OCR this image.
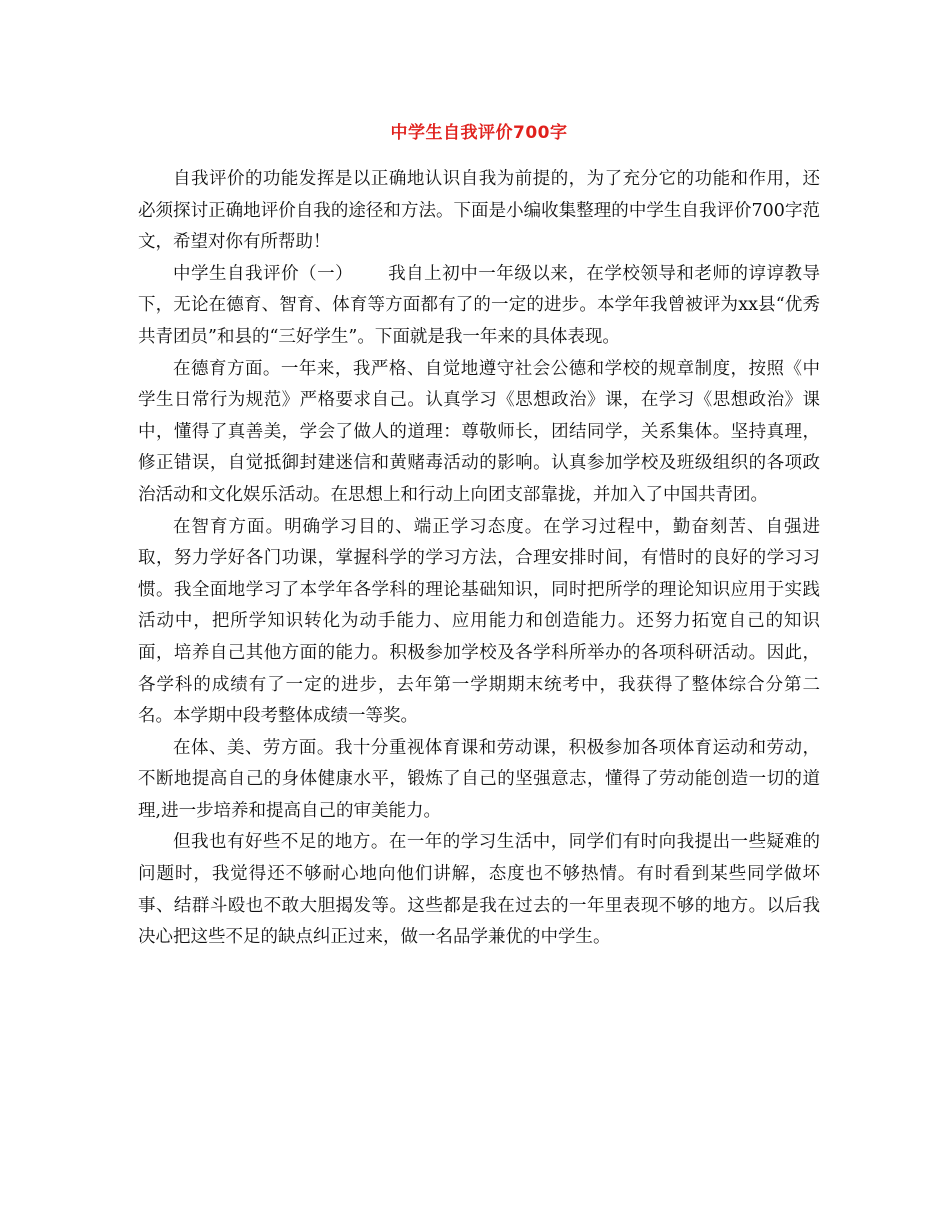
中学生自我评价700字

自我评价的功能发挥是以正确地认识自我为前提的，为了充分它的功能和作用，还必须探讨正确地评价自我的途径和方法。下面是小编收集整理的中学生自我评价700字范文，希望对你有所帮助！

中学生自我评价（一） 我自上初中一年级以来，在学校领导和老师的谆谆教导下，无论在德育、智育、体育等方面都有了的一定的进步。本学年我曾被评为xx县“优秀共青团员”和县的“三好学生”。下面就是我一年来的具体表现。

在德育方面。一年来，我严格、自觉地遵守社会公德和学校的规章制度，按照《中学生日常行为规范》严格要求自己。认真学习《思想政治》课，在学习《思想政治》课中，懂得了真善美，学会了做人的道理：尊敬师长，团结同学，关系集体。坚持真理，修正错误，自觉抵御封建迷信和黄赌毒活动的影响。认真参加学校及班级组织的各项政治活动和文化娱乐活动。在思想上和行动上向团支部靠拢，并加入了中国共青团。

在智育方面。明确学习目的、端正学习态度。在学习过程中，勤奋刻苦、自强进取，努力学好各门功课，掌握科学的学习方法，合理安排时间，有惜时的良好的学习习惯。我全面地学习了本学年各学科的理论基础知识，同时把所学的理论知识应用于实践活动中，把所学知识转化为动手能力、应用能力和创造能力。还努力拓宽自己的知识面，培养自己其他方面的能力。积极参加学校及各学科所举办的各项科研活动。因此，各学科的成绩有了一定的进步，去年第一学期期末统考中，我获得了整体综合分第二名。本学期中段考整体成绩一等奖。

在体、美、劳方面。我十分重视体育课和劳动课，积极参加各项体育运动和劳动，不断地提高自己的身体健康水平，锻炼了自己的坚强意志，懂得了劳动能创造一切的道理,进一步培养和提高自己的审美能力。

但我也有好些不足的地方。在一年的学习生活中，同学们有时向我提出一些疑难的问题时，我觉得还不够耐心地向他们讲解，态度也不够热情。有时看到某些同学做坏事、结群斗殴也不敢大胆揭发等。这些都是我在过去的一年里表现不够的地方。以后我决心把这些不足的缺点纠正过来，做一名品学兼优的中学生。
